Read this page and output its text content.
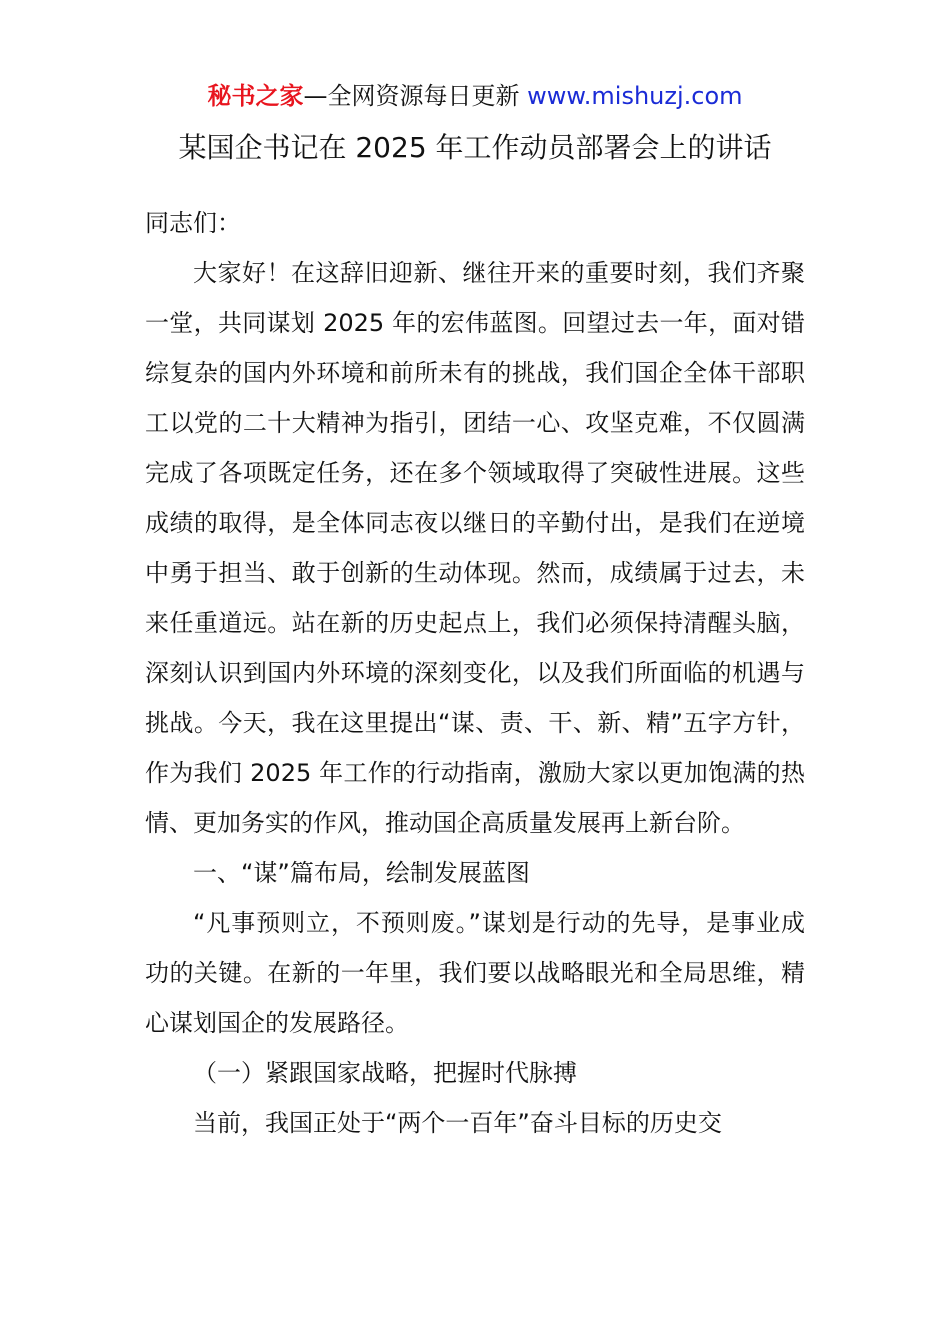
秘书之家—全网资源每日更新 www.mishuzj.com
某国企书记在 2025 年工作动员部署会上的讲话

同志们：

大家好！在这辞旧迎新、继往开来的重要时刻，我们齐聚一堂，共同谋划 2025 年的宏伟蓝图。回望过去一年，面对错综复杂的国内外环境和前所未有的挑战，我们国企全体干部职工以党的二十大精神为指引，团结一心、攻坚克难，不仅圆满完成了各项既定任务，还在多个领域取得了突破性进展。这些成绩的取得，是全体同志夜以继日的辛勤付出，是我们在逆境中勇于担当、敢于创新的生动体现。然而，成绩属于过去，未来任重道远。站在新的历史起点上，我们必须保持清醒头脑，深刻认识到国内外环境的深刻变化，以及我们所面临的机遇与挑战。今天，我在这里提出“谋、责、干、新、精”五字方针，作为我们 2025 年工作的行动指南，激励大家以更加饱满的热情、更加务实的作风，推动国企高质量发展再上新台阶。

一、“谋”篇布局，绘制发展蓝图

“凡事预则立，不预则废。”谋划是行动的先导，是事业成功的关键。在新的一年里，我们要以战略眼光和全局思维，精心谋划国企的发展路径。

（一）紧跟国家战略，把握时代脉搏

当前，我国正处于“两个一百年”奋斗目标的历史交
